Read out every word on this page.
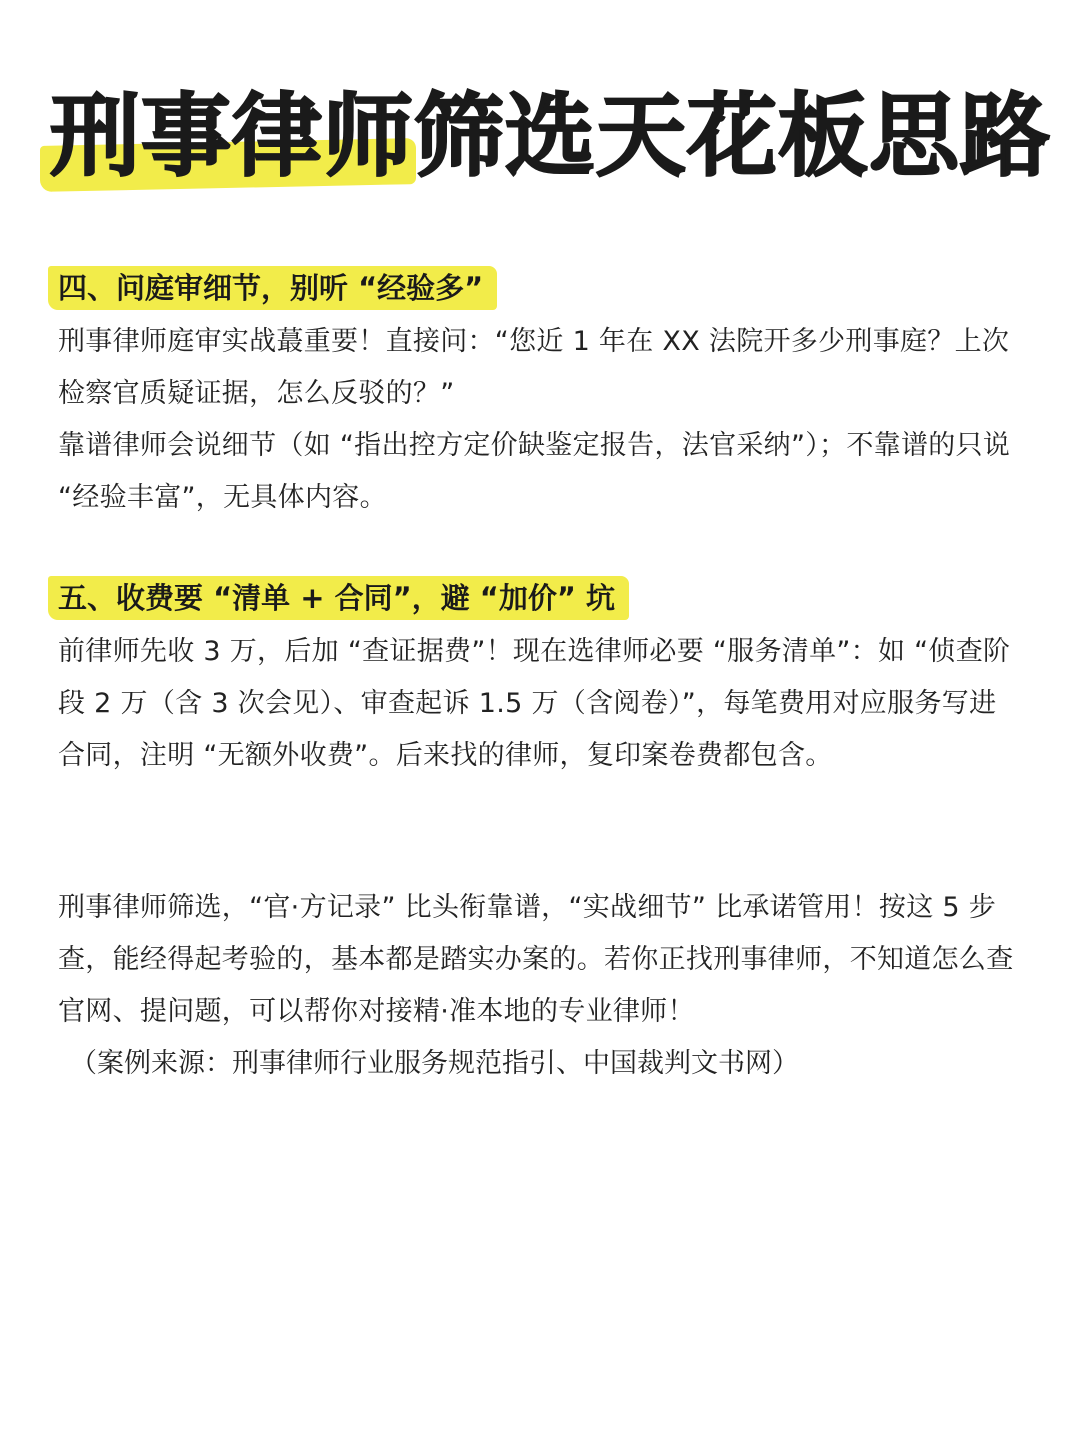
刑事律师筛选天花板思路
四、问庭审细节，别听 “经验多”

刑事律师庭审实战蕞重要！直接问：“您近 1 年在 XX 法院开多少刑事庭？上次检察官质疑证据，怎么反驳的？”

靠谱律师会说细节（如 “指出控方定价缺鉴定报告，法官采纳”）；不靠谱的只说 “经验丰富”，无具体内容。

五、收费要 “清单 + 合同”，避 “加价” 坑

前律师先收 3 万，后加 “查证据费”！现在选律师必要 “服务清单”：如 “侦查阶段 2 万（含 3 次会见）、审查起诉 1.5 万（含阅卷）”，每笔费用对应服务写进合同，注明 “无额外收费”。后来找的律师，复印案卷费都包含。

刑事律师筛选，“官·方记录” 比头衔靠谱，“实战细节” 比承诺管用！按这 5 步查，能经得起考验的，基本都是踏实办案的。若你正找刑事律师，不知道怎么查官网、提问题，可以帮你对接精·准本地的专业律师！

（案例来源：刑事律师行业服务规范指引、中国裁判文书网）
